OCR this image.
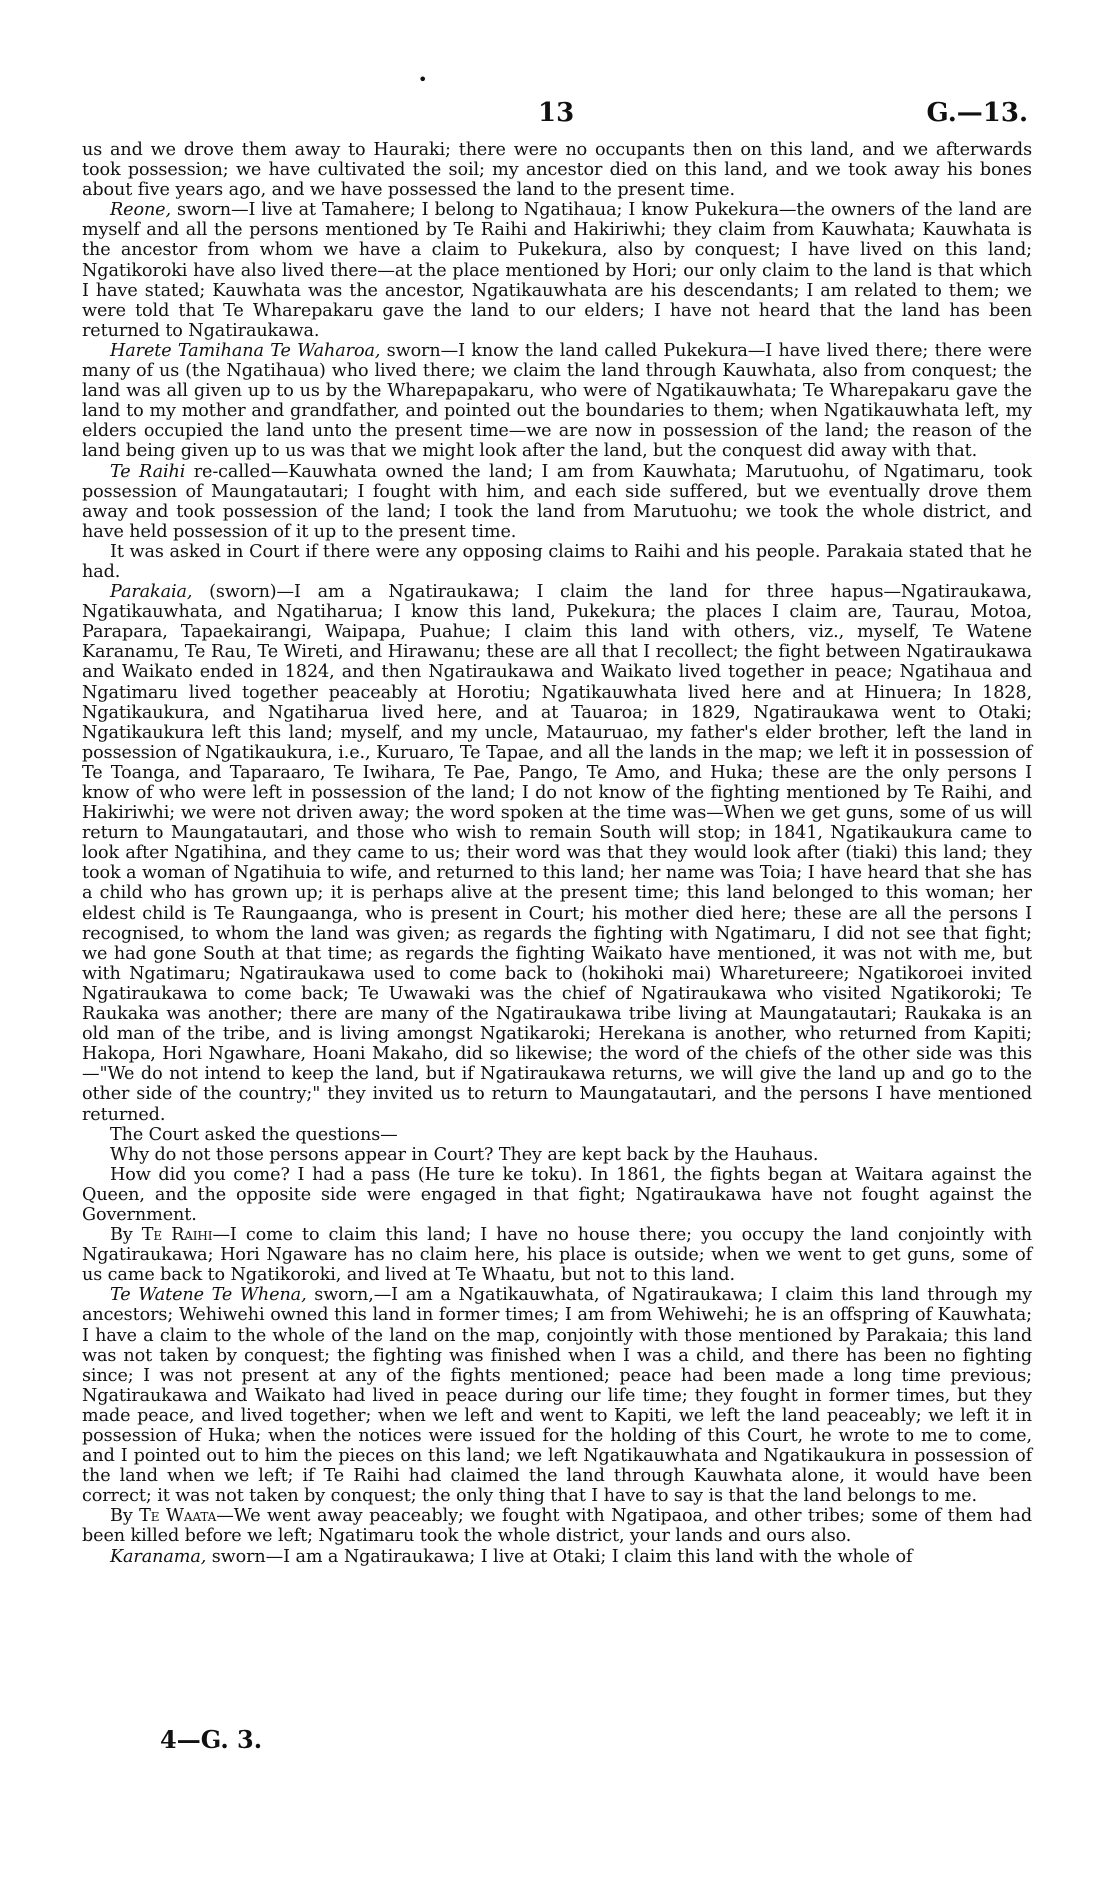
•
13	G.—13.

us and we drove them away to Hauraki; there were no occupants then on this land, and we afterwards took possession; we have cultivated the soil; my ancestor died on this land, and we took away his bones about five years ago, and we have possessed the land to the present time.

Reone, sworn—I live at Tamahere; I belong to Ngatihaua; I know Pukekura—the owners of the land are myself and all the persons mentioned by Te Raihi and Hakiriwhi; they claim from Kauwhata; Kauwhata is the ancestor from whom we have a claim to Pukekura, also by conquest; I have lived on this land; Ngatikoroki have also lived there—at the place mentioned by Hori; our only claim to the land is that which I have stated; Kauwhata was the ancestor, Ngatikauwhata are his descendants; I am related to them; we were told that Te Wharepakaru gave the land to our elders; I have not heard that the land has been returned to Ngatiraukawa.

Harete Tamihana Te Waharoa, sworn—I know the land called Pukekura—I have lived there; there were many of us (the Ngatihaua) who lived there; we claim the land through Kauwhata, also from conquest; the land was all given up to us by the Wharepapakaru, who were of Ngatikauwhata; Te Wharepakaru gave the land to my mother and grandfather, and pointed out the boundaries to them; when Ngatikauwhata left, my elders occupied the land unto the present time—we are now in possession of the land; the reason of the land being given up to us was that we might look after the land, but the conquest did away with that.

Te Raihi re-called—Kauwhata owned the land; I am from Kauwhata; Marutuohu, of Ngatimaru, took possession of Maungatautari; I fought with him, and each side suffered, but we eventually drove them away and took possession of the land; I took the land from Marutuohu; we took the whole district, and have held possession of it up to the present time.

It was asked in Court if there were any opposing claims to Raihi and his people. Parakaia stated that he had.

Parakaia, (sworn)—I am a Ngatiraukawa; I claim the land for three hapus—Ngatiraukawa, Ngatikauwhata, and Ngatiharua; I know this land, Pukekura; the places I claim are, Taurau, Motoa, Parapara, Tapaekairangi, Waipapa, Puahue; I claim this land with others, viz., myself, Te Watene Karanamu, Te Rau, Te Wireti, and Hirawanu; these are all that I recollect; the fight between Ngatiraukawa and Waikato ended in 1824, and then Ngatiraukawa and Waikato lived together in peace; Ngatihaua and Ngatimaru lived together peaceably at Horotiu; Ngatikauwhata lived here and at Hinuera; In 1828, Ngatikaukura, and Ngatiharua lived here, and at Tauaroa; in 1829, Ngatiraukawa went to Otaki; Ngatikaukura left this land; myself, and my uncle, Matauruao, my father's elder brother, left the land in possession of Ngatikaukura, i.e., Kuruaro, Te Tapae, and all the lands in the map; we left it in possession of Te Toanga, and Taparaaro, Te Iwihara, Te Pae, Pango, Te Amo, and Huka; these are the only persons I know of who were left in possession of the land; I do not know of the fighting mentioned by Te Raihi, and Hakiriwhi; we were not driven away; the word spoken at the time was—When we get guns, some of us will return to Maungatautari, and those who wish to remain South will stop; in 1841, Ngatikaukura came to look after Ngatihina, and they came to us; their word was that they would look after (tiaki) this land; they took a woman of Ngatihuia to wife, and returned to this land; her name was Toia; I have heard that she has a child who has grown up; it is perhaps alive at the present time; this land belonged to this woman; her eldest child is Te Raungaanga, who is present in Court; his mother died here; these are all the persons I recognised, to whom the land was given; as regards the fighting with Ngatimaru, I did not see that fight; we had gone South at that time; as regards the fighting Waikato have mentioned, it was not with me, but with Ngatimaru; Ngatiraukawa used to come back to (hokihoki mai) Wharetureere; Ngatikoroei invited Ngatiraukawa to come back; Te Uwawaki was the chief of Ngatiraukawa who visited Ngatikoroki; Te Raukaka was another; there are many of the Ngatiraukawa tribe living at Maungatautari; Raukaka is an old man of the tribe, and is living amongst Ngatikaroki; Herekana is another, who returned from Kapiti; Hakopa, Hori Ngawhare, Hoani Makaho, did so likewise; the word of the chiefs of the other side was this—"We do not intend to keep the land, but if Ngatiraukawa returns, we will give the land up and go to the other side of the country;" they invited us to return to Maungatautari, and the persons I have mentioned returned.

The Court asked the questions—

Why do not those persons appear in Court? They are kept back by the Hauhaus.

How did you come? I had a pass (He ture ke toku). In 1861, the fights began at Waitara against the Queen, and the opposite side were engaged in that fight; Ngatiraukawa have not fought against the Government.

By Te Raihi—I come to claim this land; I have no house there; you occupy the land conjointly with Ngatiraukawa; Hori Ngaware has no claim here, his place is outside; when we went to get guns, some of us came back to Ngatikoroki, and lived at Te Whaatu, but not to this land.

Te Watene Te Whena, sworn,—I am a Ngatikauwhata, of Ngatiraukawa; I claim this land through my ancestors; Wehiwehi owned this land in former times; I am from Wehiwehi; he is an offspring of Kauwhata; I have a claim to the whole of the land on the map, conjointly with those mentioned by Parakaia; this land was not taken by conquest; the fighting was finished when I was a child, and there has been no fighting since; I was not present at any of the fights mentioned; peace had been made a long time previous; Ngatiraukawa and Waikato had lived in peace during our life time; they fought in former times, but they made peace, and lived together; when we left and went to Kapiti, we left the land peaceably; we left it in possession of Huka; when the notices were issued for the holding of this Court, he wrote to me to come, and I pointed out to him the pieces on this land; we left Ngatikauwhata and Ngatikaukura in possession of the land when we left; if Te Raihi had claimed the land through Kauwhata alone, it would have been correct; it was not taken by conquest; the only thing that I have to say is that the land belongs to me.

By Te Waata—We went away peaceably; we fought with Ngatipaoa, and other tribes; some of them had been killed before we left; Ngatimaru took the whole district, your lands and ours also.

Karanama, sworn—I am a Ngatiraukawa; I live at Otaki; I claim this land with the whole of

4—G. 3.
